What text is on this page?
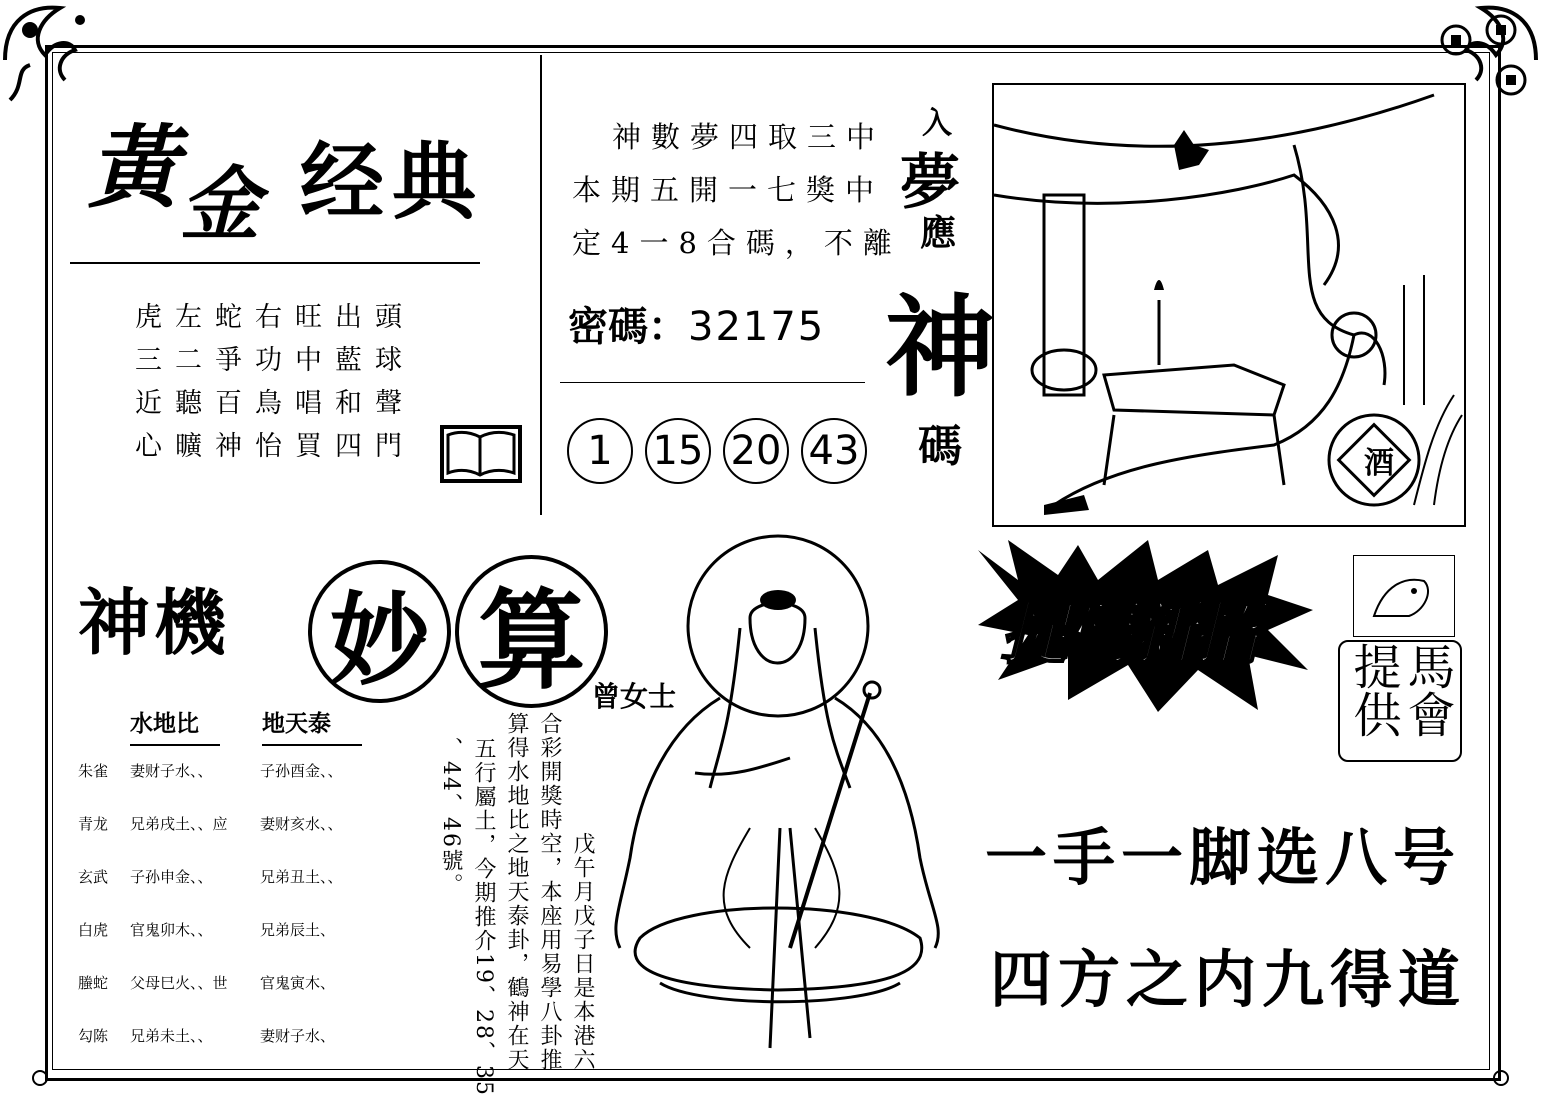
黃 金 经典
虎左蛇右旺出頭
三二爭功中藍球
近聽百鳥唱和聲
心曠神怡買四門
神數夢四取三中
本期五開一七獎中
定4一8合碼，不離
密碼：32175
1 15 20 43
入
夢
應
神
碼	酒
神機 妙 算 曾女士
水地比	地天泰
朱雀 妻财子水、、	子孙酉金、、
青龙 兄弟戌土、、应 妻财亥水、、
玄武 子孙申金、、	兄弟丑土、、
白虎 官鬼卯木、、	兄弟辰土、
螣蛇 父母巳火、、世 官鬼寅木、
勾陈 兄弟未土、、	妻财子水、	戊午月戊子日是本港六
合彩開獎時空，本座用易學八卦推
算得水地比之地天泰卦，鶴神在天
五行屬土，今期推介19、28、35
、44、46號。
捉碼新招
馬會
提供
一手一脚选八号
四方之内九得道
